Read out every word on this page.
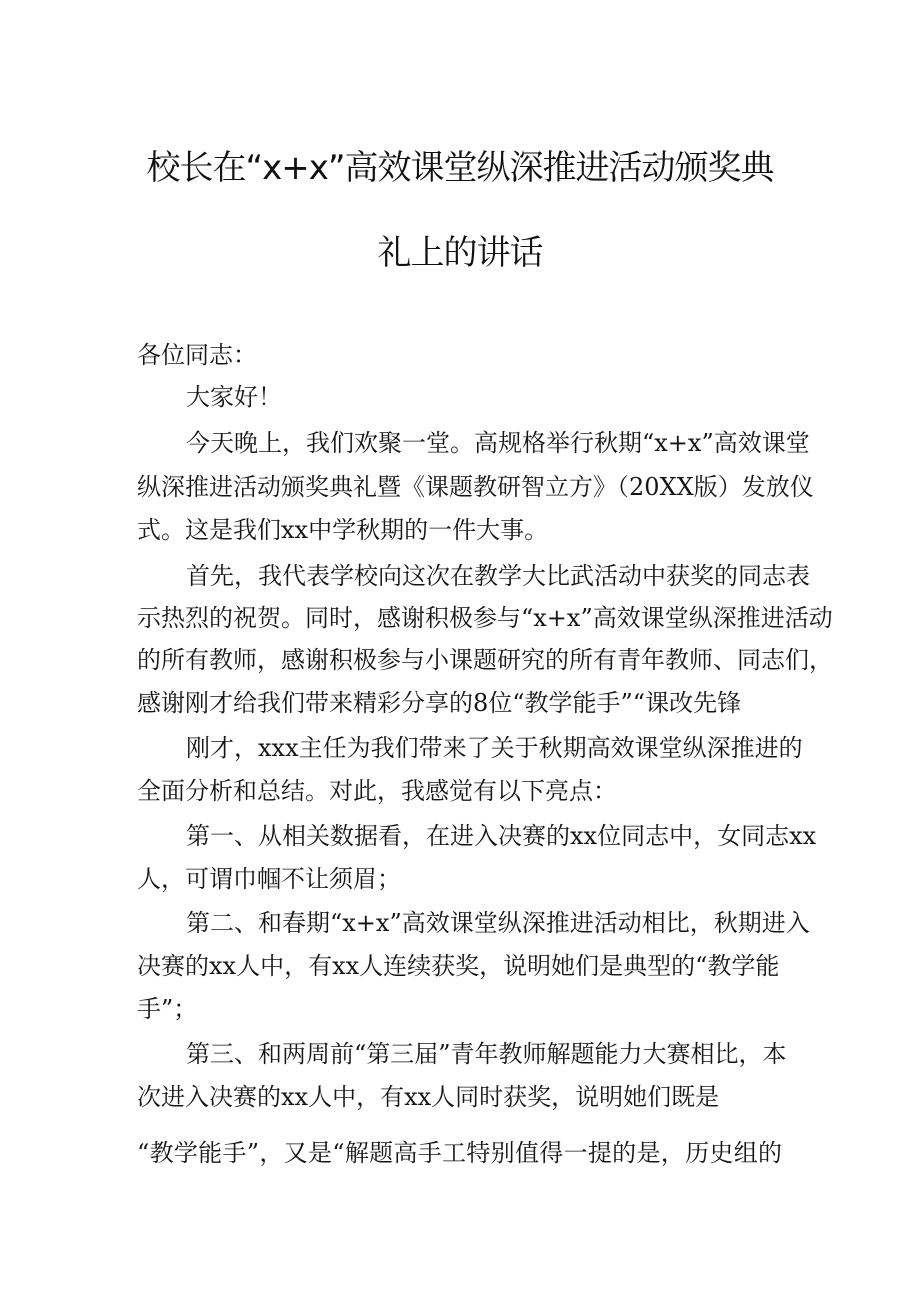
校长在“x+x”高效课堂纵深推进活动颁奖典
礼上的讲话
各位同志：
大家好！
今天晚上，我们欢聚一堂。高规格举行秋期“x+x”高效课堂
纵深推进活动颁奖典礼暨《课题教研智立方》（20XX版）发放仪
式。这是我们xx中学秋期的一件大事。
首先，我代表学校向这次在教学大比武活动中获奖的同志表
示热烈的祝贺。同时，感谢积极参与“x+x”高效课堂纵深推进活动
的所有教师，感谢积极参与小课题研究的所有青年教师、同志们，
感谢刚才给我们带来精彩分享的8位“教学能手”“课改先锋
刚才，xxx主任为我们带来了关于秋期高效课堂纵深推进的
全面分析和总结。对此，我感觉有以下亮点：
第一、从相关数据看，在进入决赛的xx位同志中，女同志xx
人，可谓巾帼不让须眉；
第二、和春期“x+x”高效课堂纵深推进活动相比，秋期进入
决赛的xx人中，有xx人连续获奖，说明她们是典型的“教学能
手”；
第三、和两周前“第三届”青年教师解题能力大赛相比，本
次进入决赛的xx人中，有xx人同时获奖，说明她们既是
“教学能手”，又是“解题高手工特别值得一提的是，历史组的
